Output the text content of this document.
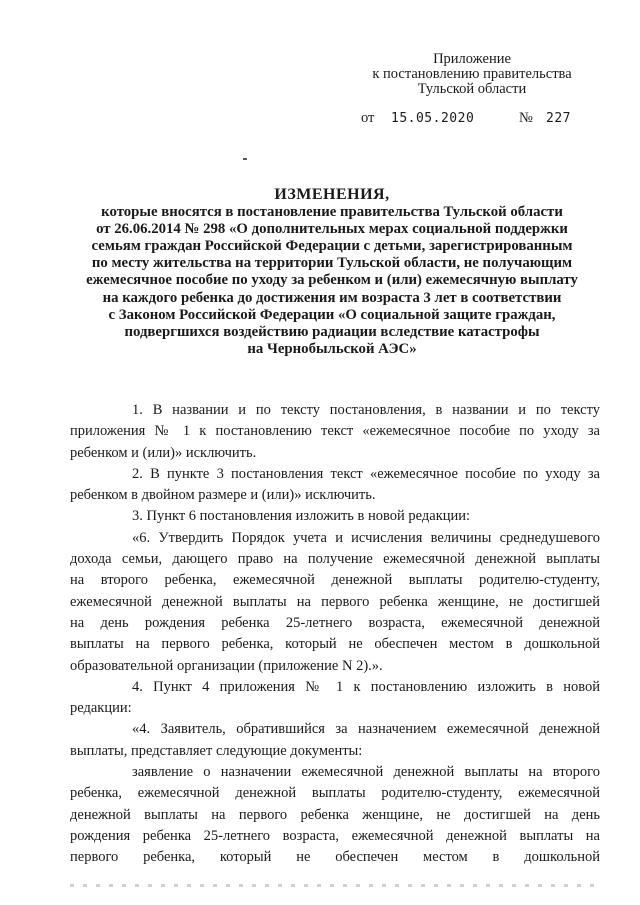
Приложение
к постановлению правительства
Тульской области
от 15.05.2020	№ 227
ИЗМЕНЕНИЯ,
которые вносятся в постановление правительства Тульской области
от 26.06.2014 № 298 «О дополнительных мерах социальной поддержки
семьям граждан Российской Федерации с детьми, зарегистрированным
по месту жительства на территории Тульской области, не получающим
ежемесячное пособие по уходу за ребенком и (или) ежемесячную выплату
на каждого ребенка до достижения им возраста 3 лет в соответствии
с Законом Российской Федерации «О социальной защите граждан,
подвергшихся воздействию радиации вследствие катастрофы
на Чернобыльской АЭС»
1. В названии и по тексту постановления, в названии и по тексту
приложения № 1 к постановлению текст «ежемесячное пособие по уходу за
ребенком и (или)» исключить.
2. В пункте 3 постановления текст «ежемесячное пособие по уходу за
ребенком в двойном размере и (или)» исключить.
3. Пункт 6 постановления изложить в новой редакции:
«6. Утвердить Порядок учета и исчисления величины среднедушевого
дохода семьи, дающего право на получение ежемесячной денежной выплаты
на второго ребенка, ежемесячной денежной выплаты родителю-студенту,
ежемесячной денежной выплаты на первого ребенка женщине, не достигшей
на день рождения ребенка 25-летнего возраста, ежемесячной денежной
выплаты на первого ребенка, который не обеспечен местом в дошкольной
образовательной организации (приложение N 2).».
4. Пункт 4 приложения № 1 к постановлению изложить в новой
редакции:
«4. Заявитель, обратившийся за назначением ежемесячной денежной
выплаты, представляет следующие документы:
заявление о назначении ежемесячной денежной выплаты на второго
ребенка, ежемесячной денежной выплаты родителю-студенту, ежемесячной
денежной выплаты на первого ребенка женщине, не достигшей на день
рождения ребенка 25-летнего возраста, ежемесячной денежной выплаты на
первого ребенка, который не обеспечен местом в дошкольной
